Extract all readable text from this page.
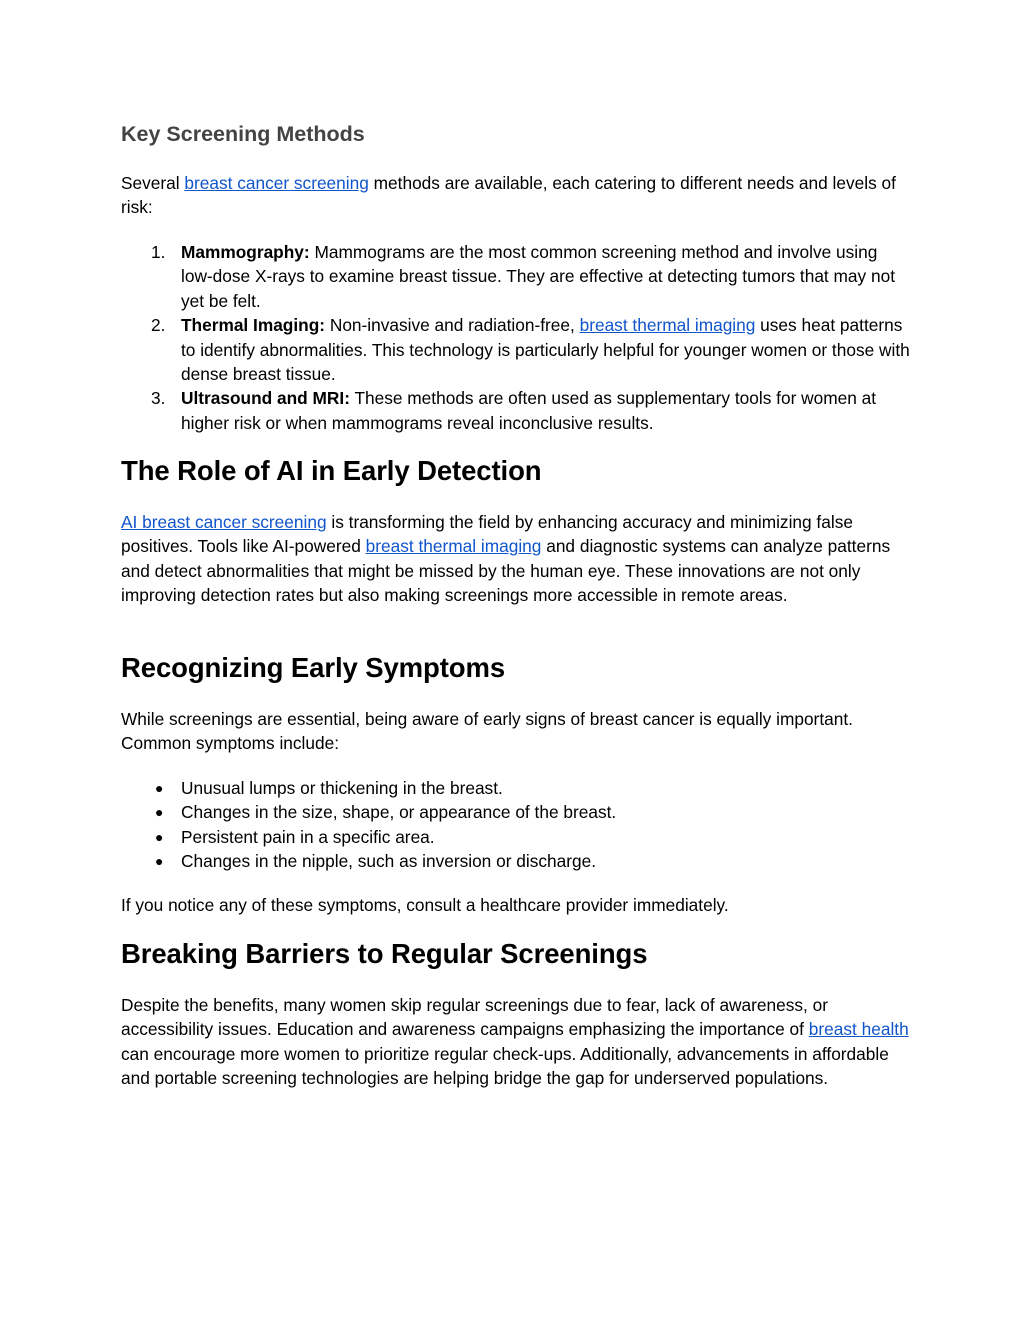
Key Screening Methods

Several breast cancer screening methods are available, each catering to different needs and levels of risk:

1. Mammography: Mammograms are the most common screening method and involve using low-dose X-rays to examine breast tissue. They are effective at detecting tumors that may not yet be felt.
2. Thermal Imaging: Non-invasive and radiation-free, breast thermal imaging uses heat patterns to identify abnormalities. This technology is particularly helpful for younger women or those with dense breast tissue.
3. Ultrasound and MRI: These methods are often used as supplementary tools for women at higher risk or when mammograms reveal inconclusive results.
The Role of AI in Early Detection

AI breast cancer screening is transforming the field by enhancing accuracy and minimizing false positives. Tools like AI-powered breast thermal imaging and diagnostic systems can analyze patterns and detect abnormalities that might be missed by the human eye. These innovations are not only improving detection rates but also making screenings more accessible in remote areas.

Recognizing Early Symptoms

While screenings are essential, being aware of early signs of breast cancer is equally important. Common symptoms include:

● Unusual lumps or thickening in the breast.
● Changes in the size, shape, or appearance of the breast.
● Persistent pain in a specific area.
● Changes in the nipple, such as inversion or discharge.

If you notice any of these symptoms, consult a healthcare provider immediately.

Breaking Barriers to Regular Screenings

Despite the benefits, many women skip regular screenings due to fear, lack of awareness, or accessibility issues. Education and awareness campaigns emphasizing the importance of breast health can encourage more women to prioritize regular check-ups. Additionally, advancements in affordable and portable screening technologies are helping bridge the gap for underserved populations.
